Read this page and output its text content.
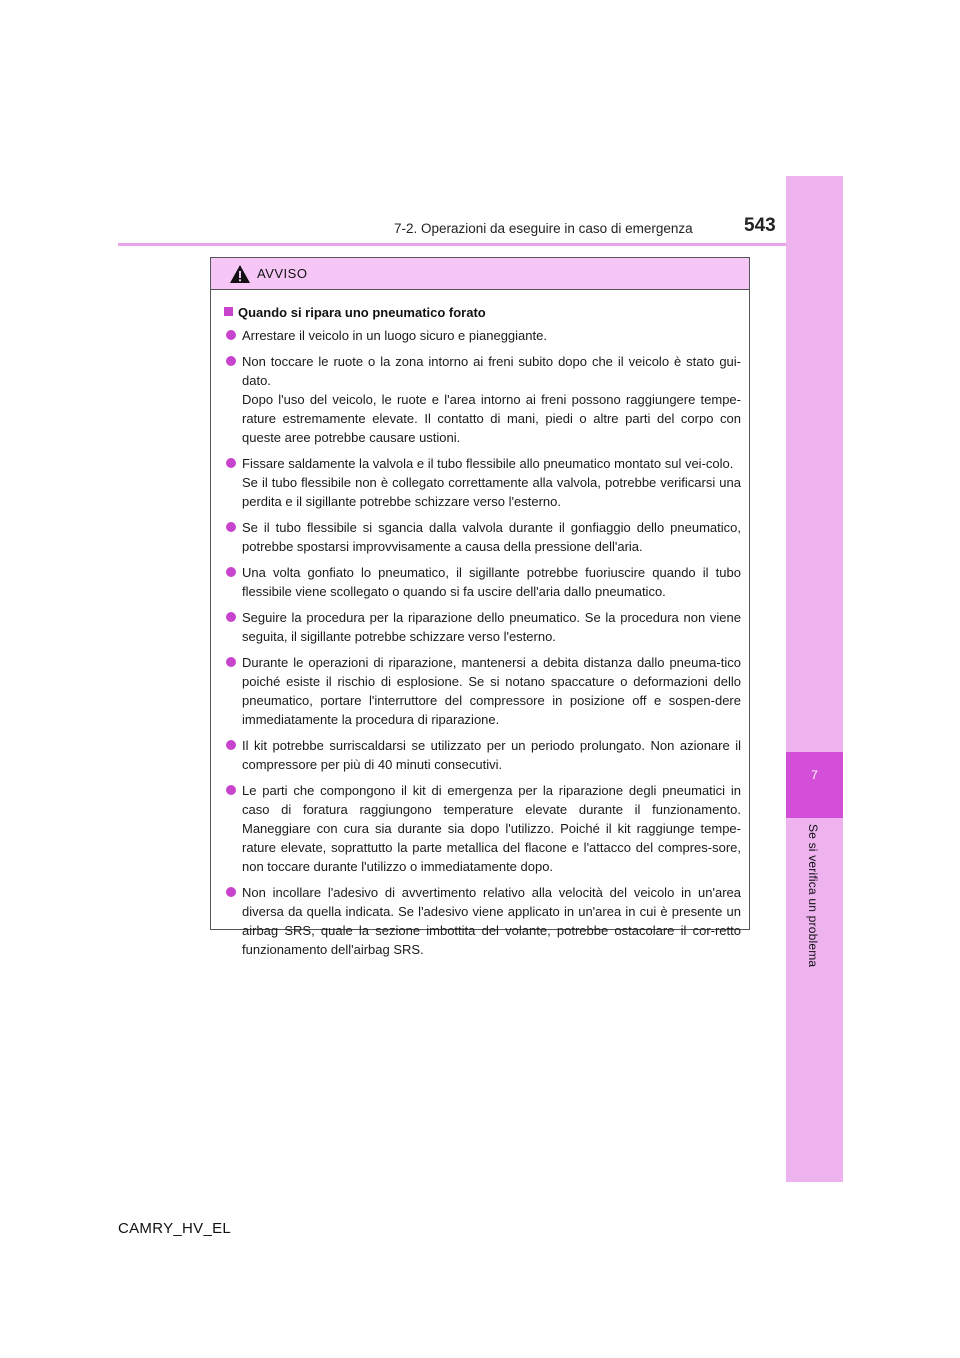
7
Se si verifica un problema
7-2. Operazioni da eseguire in caso di emergenza	543
AVVISO
Quando si ripara uno pneumatico forato

Arrestare il veicolo in un luogo sicuro e pianeggiante.

Non toccare le ruote o la zona intorno ai freni subito dopo che il veicolo è stato gui-dato.

Dopo l'uso del veicolo, le ruote e l'area intorno ai freni possono raggiungere tempe-rature estremamente elevate. Il contatto di mani, piedi o altre parti del corpo con queste aree potrebbe causare ustioni.

Fissare saldamente la valvola e il tubo flessibile allo pneumatico montato sul vei-colo.

Se il tubo flessibile non è collegato correttamente alla valvola, potrebbe verificarsi una perdita e il sigillante potrebbe schizzare verso l'esterno.

Se il tubo flessibile si sgancia dalla valvola durante il gonfiaggio dello pneumatico, potrebbe spostarsi improvvisamente a causa della pressione dell'aria.

Una volta gonfiato lo pneumatico, il sigillante potrebbe fuoriuscire quando il tubo flessibile viene scollegato o quando si fa uscire dell'aria dallo pneumatico.

Seguire la procedura per la riparazione dello pneumatico. Se la procedura non viene seguita, il sigillante potrebbe schizzare verso l'esterno.

Durante le operazioni di riparazione, mantenersi a debita distanza dallo pneuma-tico poiché esiste il rischio di esplosione. Se si notano spaccature o deformazioni dello pneumatico, portare l'interruttore del compressore in posizione off e sospen-dere immediatamente la procedura di riparazione.

Il kit potrebbe surriscaldarsi se utilizzato per un periodo prolungato. Non azionare il compressore per più di 40 minuti consecutivi.

Le parti che compongono il kit di emergenza per la riparazione degli pneumatici in caso di foratura raggiungono temperature elevate durante il funzionamento. Maneggiare con cura sia durante sia dopo l'utilizzo. Poiché il kit raggiunge tempe-rature elevate, soprattutto la parte metallica del flacone e l'attacco del compres-sore, non toccare durante l'utilizzo o immediatamente dopo.

Non incollare l'adesivo di avvertimento relativo alla velocità del veicolo in un'area diversa da quella indicata. Se l'adesivo viene applicato in un'area in cui è presente un airbag SRS, quale la sezione imbottita del volante, potrebbe ostacolare il cor-retto funzionamento dell'airbag SRS.

CAMRY_HV_EL
